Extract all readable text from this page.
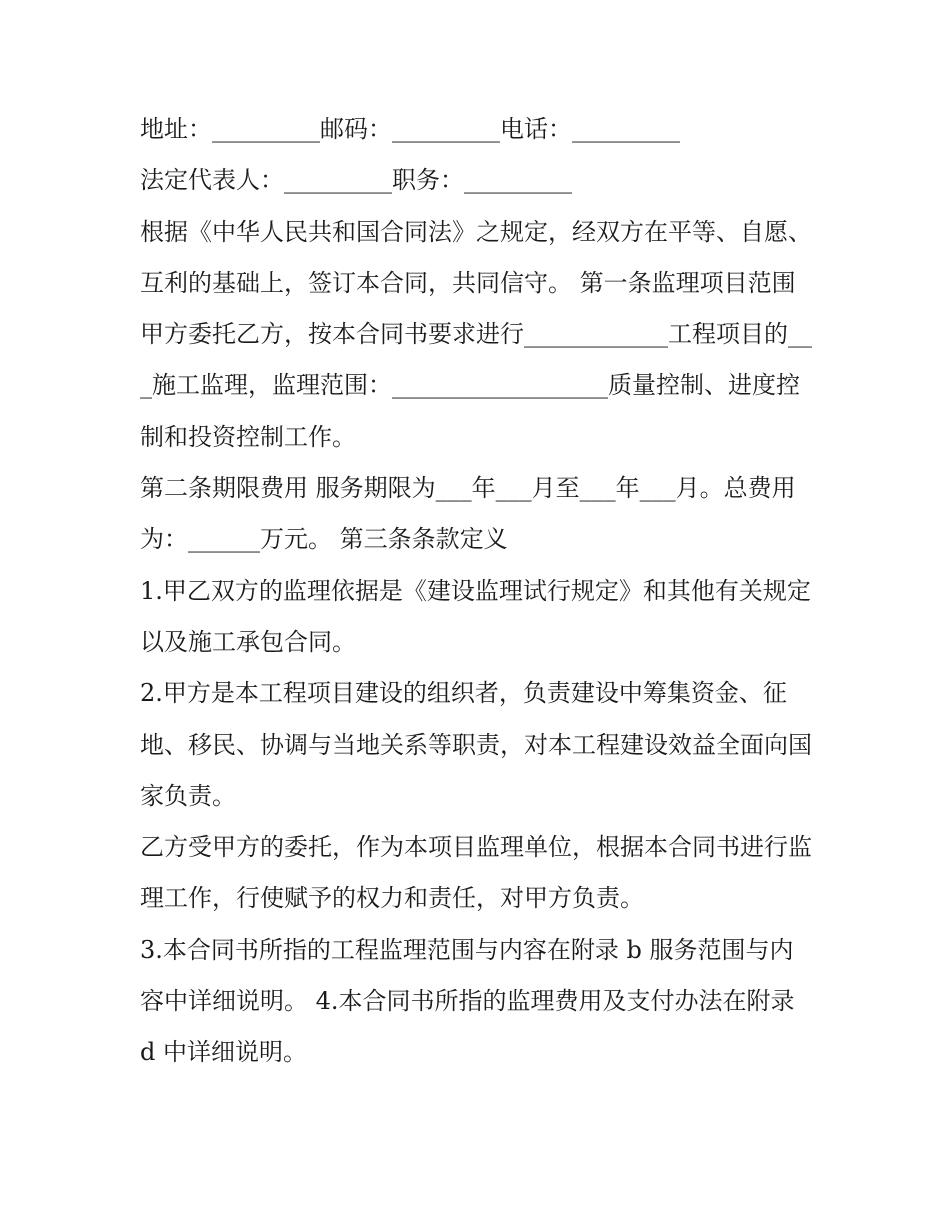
地址：_________邮码：_________电话：_________

法定代表人：_________职务：_________

根据《中华人民共和国合同法》之规定，经双方在平等、自愿、互利的基础上，签订本合同，共同信守。 第一条监理项目范围

甲方委托乙方，按本合同书要求进行____________工程项目的___施工监理，监理范围：__________________质量控制、进度控制和投资控制工作。

第二条期限费用 服务期限为___年___月至___年___月。总费用为：______万元。 第三条条款定义

1.甲乙双方的监理依据是《建设监理试行规定》和其他有关规定以及施工承包合同。

2.甲方是本工程项目建设的组织者，负责建设中筹集资金、征地、移民、协调与当地关系等职责，对本工程建设效益全面向国家负责。

乙方受甲方的委托，作为本项目监理单位，根据本合同书进行监理工作，行使赋予的权力和责任，对甲方负责。

3.本合同书所指的工程监理范围与内容在附录 b 服务范围与内容中详细说明。 4.本合同书所指的监理费用及支付办法在附录 d 中详细说明。
